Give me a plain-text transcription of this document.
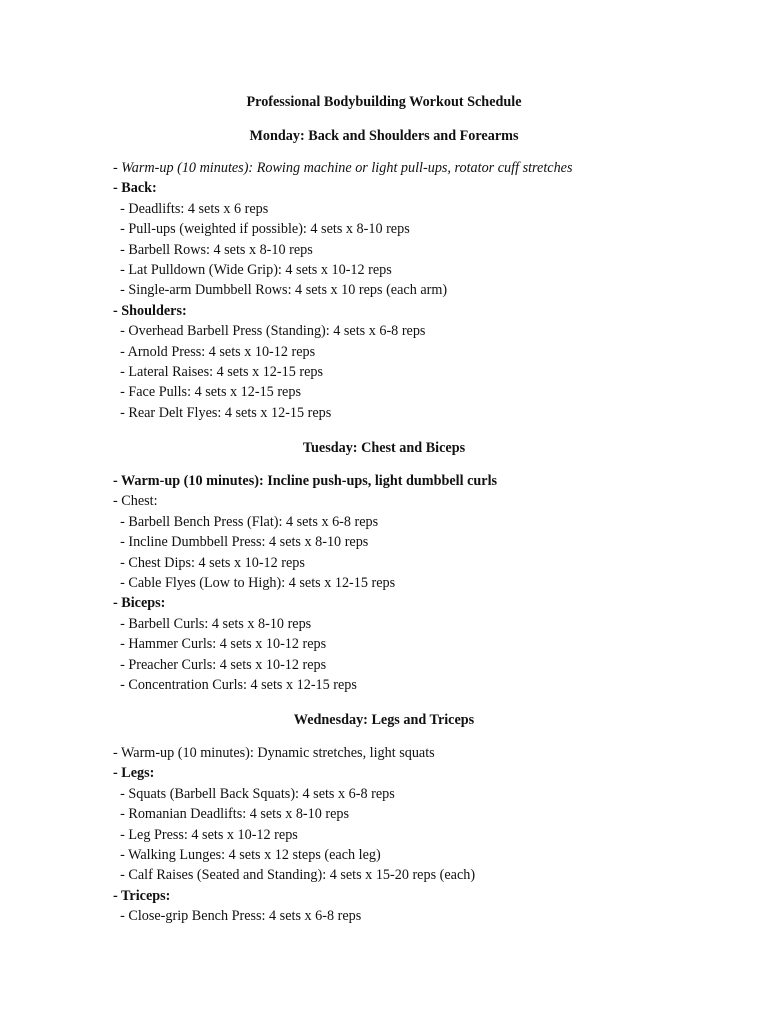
Professional Bodybuilding Workout Schedule
Monday: Back and Shoulders and Forearms
- Warm-up (10 minutes): Rowing machine or light pull-ups, rotator cuff stretches
- Back:
- Deadlifts: 4 sets x 6 reps
- Pull-ups (weighted if possible): 4 sets x 8-10 reps
- Barbell Rows: 4 sets x 8-10 reps
- Lat Pulldown (Wide Grip): 4 sets x 10-12 reps
- Single-arm Dumbbell Rows: 4 sets x 10 reps (each arm)
- Shoulders:
- Overhead Barbell Press (Standing): 4 sets x 6-8 reps
- Arnold Press: 4 sets x 10-12 reps
- Lateral Raises: 4 sets x 12-15 reps
- Face Pulls: 4 sets x 12-15 reps
- Rear Delt Flyes: 4 sets x 12-15 reps
Tuesday: Chest and Biceps
- Warm-up (10 minutes): Incline push-ups, light dumbbell curls
- Chest:
- Barbell Bench Press (Flat): 4 sets x 6-8 reps
- Incline Dumbbell Press: 4 sets x 8-10 reps
- Chest Dips: 4 sets x 10-12 reps
- Cable Flyes (Low to High): 4 sets x 12-15 reps
- Biceps:
- Barbell Curls: 4 sets x 8-10 reps
- Hammer Curls: 4 sets x 10-12 reps
- Preacher Curls: 4 sets x 10-12 reps
- Concentration Curls: 4 sets x 12-15 reps
Wednesday: Legs and Triceps
- Warm-up (10 minutes): Dynamic stretches, light squats
- Legs:
- Squats (Barbell Back Squats): 4 sets x 6-8 reps
- Romanian Deadlifts: 4 sets x 8-10 reps
- Leg Press: 4 sets x 10-12 reps
- Walking Lunges: 4 sets x 12 steps (each leg)
- Calf Raises (Seated and Standing): 4 sets x 15-20 reps (each)
- Triceps:
- Close-grip Bench Press: 4 sets x 6-8 reps
